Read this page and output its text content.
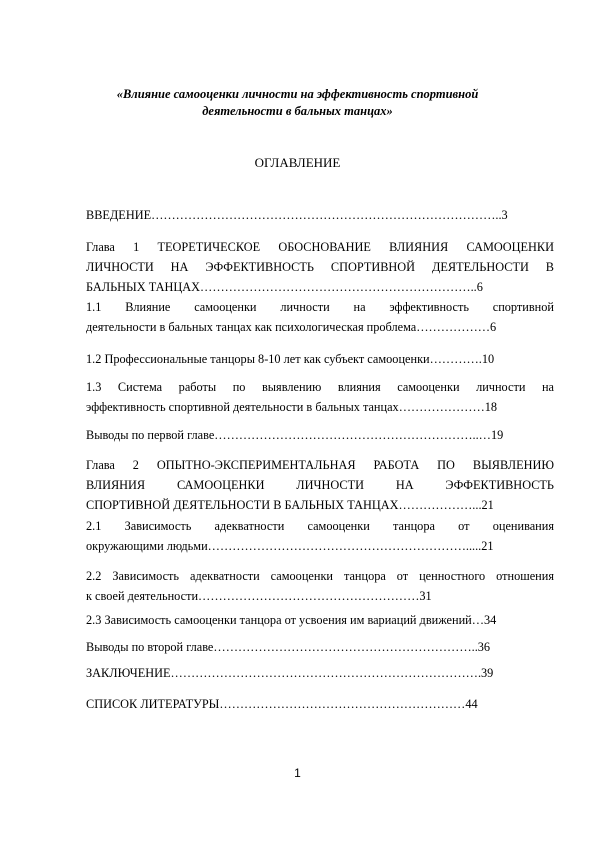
«Влияние самооценки личности на эффективность спортивной
деятельности в бальных танцах»
ОГЛАВЛЕНИЕ
ВВЕДЕНИЕ…………………………………………………………………………..3
Глава 1 ТЕОРЕТИЧЕСКОЕ ОБОСНОВАНИЕ ВЛИЯНИЯ САМООЦЕНКИ
ЛИЧНОСТИ НА ЭФФЕКТИВНОСТЬ СПОРТИВНОЙ ДЕЯТЕЛЬНОСТИ В
БАЛЬНЫХ ТАНЦАХ…………………………………………………………..6
1.1 Влияние самооценки личности на эффективность спортивной
деятельности в бальных танцах как психологическая проблема………………6
1.2 Профессиональные танцоры 8-10 лет как субъект самооценки………….10
1.3 Система работы по выявлению влияния самооценки личности на
эффективность спортивной деятельности в бальных танцах…………………18
Выводы по первой главе………………………………………………………..…19
Глава 2 ОПЫТНО-ЭКСПЕРИМЕНТАЛЬНАЯ РАБОТА ПО ВЫЯВЛЕНИЮ
ВЛИЯНИЯ САМООЦЕНКИ ЛИЧНОСТИ НА ЭФФЕКТИВНОСТЬ
СПОРТИВНОЙ ДЕЯТЕЛЬНОСТИ В БАЛЬНЫХ ТАНЦАХ………………...21
2.1 Зависимость адекватности самооценки танцора от оценивания
окружающими людьми……………………………………………………….....21
2.2 Зависимость адекватности самооценки танцора от ценностного отношения
к своей деятельности………………………………………………31
2.3 Зависимость самооценки танцора от усвоения им вариаций движений…34
Выводы по второй главе………………………………………………………..36
ЗАКЛЮЧЕНИЕ………………………………………………………………….39
СПИСОК ЛИТЕРАТУРЫ……………………………………………………44
1
